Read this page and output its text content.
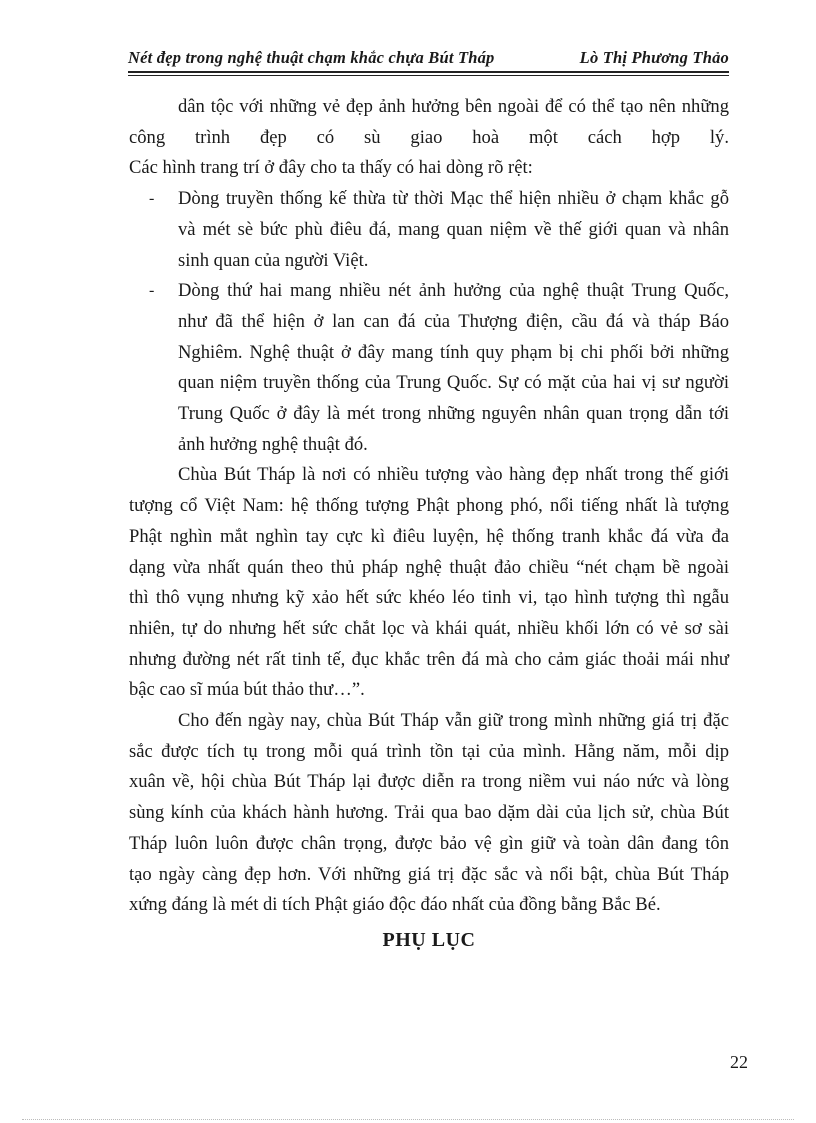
Nét đẹp trong nghệ thuật chạm khắc chựa Bút Tháp	Lò Thị Phương Thảo
dân tộc với những vẻ đẹp ảnh hưởng bên ngoài để có thể tạo nên những
công trình đẹp có sù giao hoà một cách hợp lý.
Các hình trang trí ở đây cho ta thấy có hai dòng rõ rệt:
-	Dòng truyền thống kế thừa từ thời Mạc thể hiện nhiều ở chạm khắc gỗ
và mét sè bức phù điêu đá, mang quan niệm về thế giới quan và nhân
sinh quan của người Việt.
-	Dòng thứ hai mang nhiều nét ảnh hưởng của nghệ thuật Trung Quốc,
như đã thể hiện ở lan can đá của Thượng điện, cầu đá và tháp Báo
Nghiêm. Nghệ thuật ở đây mang tính quy phạm bị chi phối bởi những
quan niệm truyền thống của Trung Quốc. Sự có mặt của hai vị sư người
Trung Quốc ở đây là mét trong những nguyên nhân quan trọng dẫn tới
ảnh hưởng nghệ thuật đó.
Chùa Bút Tháp là nơi có nhiều tượng vào hàng đẹp nhất trong thế giới
tượng cổ Việt Nam: hệ thống tượng Phật phong phó, nổi tiếng nhất là tượng
Phật nghìn mắt nghìn tay cực kì điêu luyện, hệ thống tranh khắc đá vừa đa
dạng vừa nhất quán theo thủ pháp nghệ thuật đảo chiều “nét chạm bề ngoài
thì thô vụng nhưng kỹ xảo hết sức khéo léo tinh vi, tạo hình tượng thì ngẫu
nhiên, tự do nhưng hết sức chắt lọc và khái quát, nhiều khối lớn có vẻ sơ sài
nhưng đường nét rất tinh tế, đục khắc trên đá mà cho cảm giác thoải mái như
bậc cao sĩ múa bút thảo thư…”.
Cho đến ngày nay, chùa Bút Tháp vẫn giữ trong mình những giá trị đặc
sắc được tích tụ trong mỗi quá trình tồn tại của mình. Hằng năm, mỗi dịp
xuân về, hội chùa Bút Tháp lại được diễn ra trong niềm vui náo nức và lòng
sùng kính của khách hành hương. Trải qua bao dặm dài của lịch sử, chùa Bút
Tháp luôn luôn được chân trọng, được bảo vệ gìn giữ và toàn dân đang tôn
tạo ngày càng đẹp hơn. Với những giá trị đặc sắc và nổi bật, chùa Bút Tháp
xứng đáng là mét di tích Phật giáo độc đáo nhất của đồng bằng Bắc Bé.
PHỤ LỤC
22
